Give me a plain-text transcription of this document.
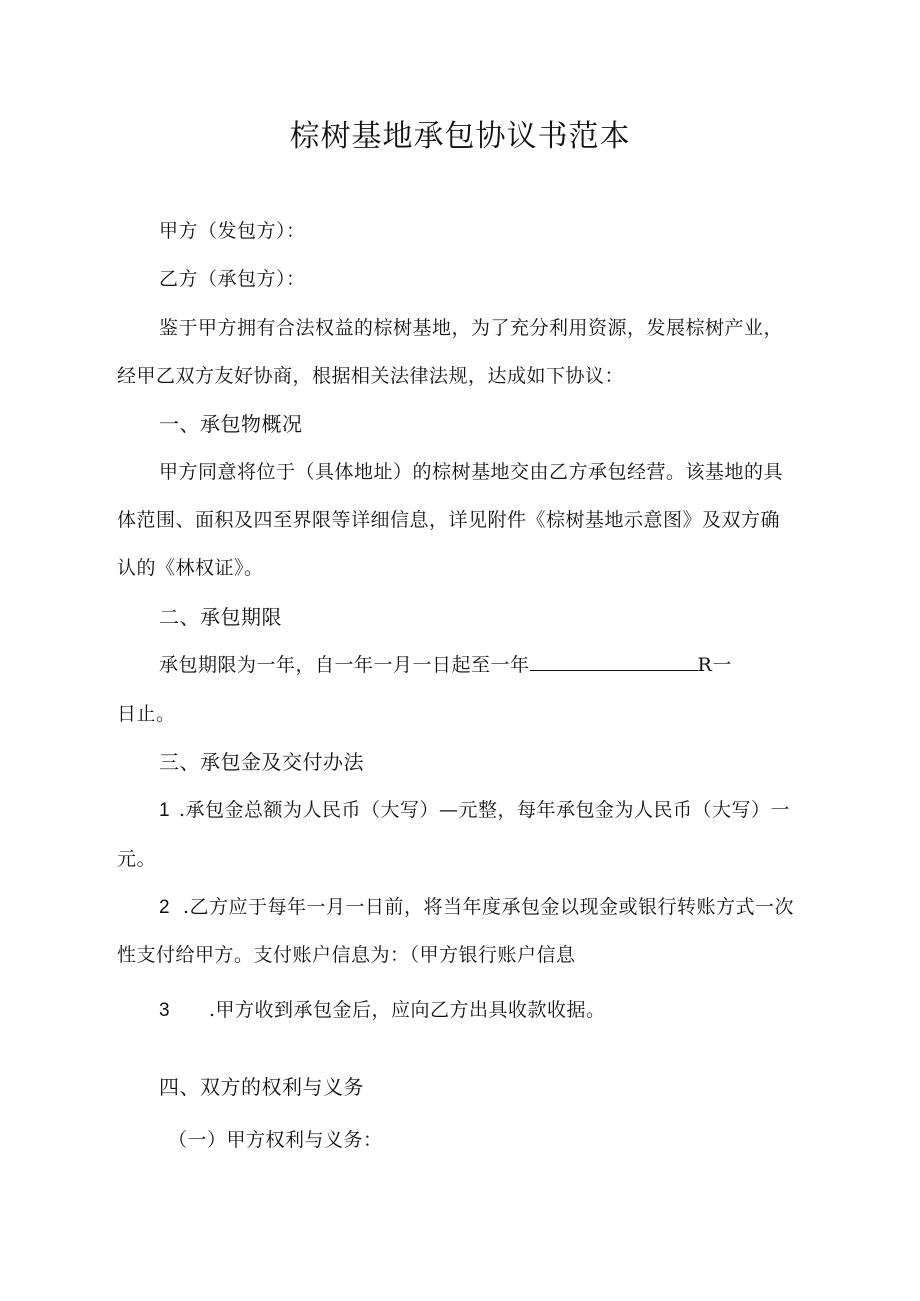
棕树基地承包协议书范本
甲方（发包方）：
乙方（承包方）：
鉴于甲方拥有合法权益的棕树基地，为了充分利用资源，发展棕树产业，
经甲乙双方友好协商，根据相关法律法规，达成如下协议：
一、承包物概况
甲方同意将位于（具体地址）的棕树基地交由乙方承包经营。该基地的具
体范围、面积及四至界限等详细信息，详见附件《棕树基地示意图》及双方确
认的《林权证》。
二、承包期限
承包期限为一年，自一年一月一日起至一年	R一
日止。
三、承包金及交付办法
1 .承包金总额为人民币（大写）—元整，每年承包金为人民币（大写）一
元。
2 .乙方应于每年一月一日前，将当年度承包金以现金或银行转账方式一次
性支付给甲方。支付账户信息为：（甲方银行账户信息
3 .甲方收到承包金后，应向乙方出具收款收据。
四、双方的权利与义务
（一）甲方权利与义务：
